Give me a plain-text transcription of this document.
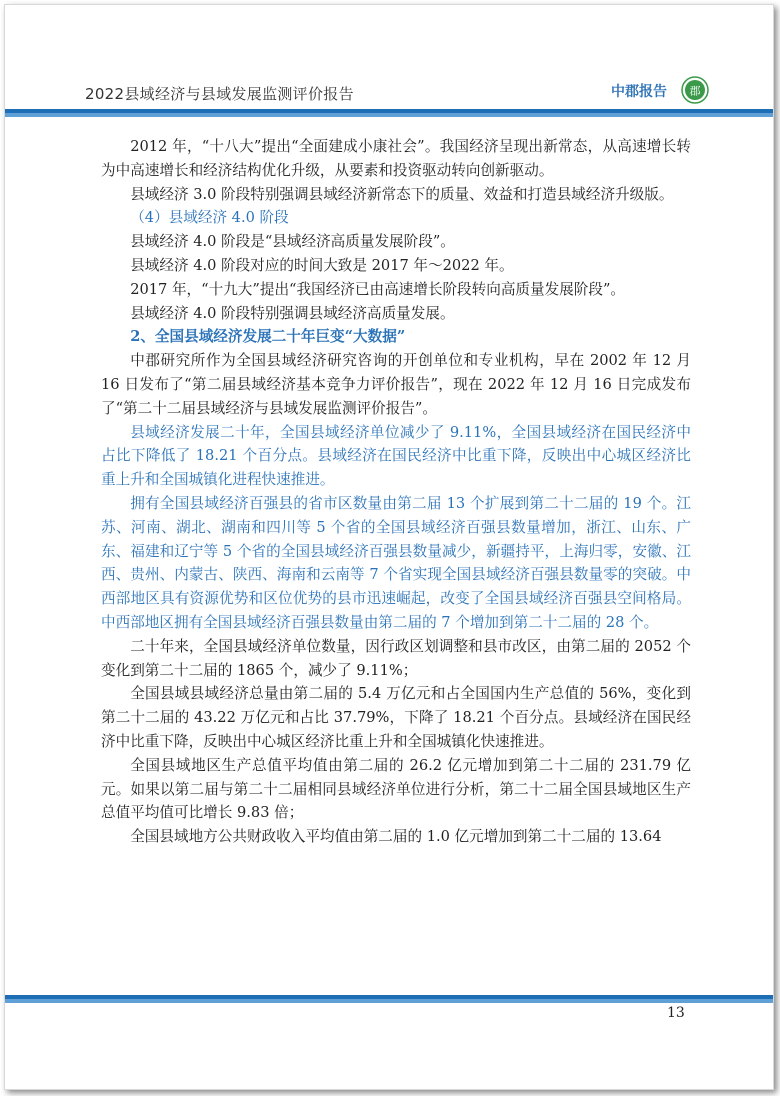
2022县域经济与县域发展监测评价报告	中郡报告 郡

2012 年，“十八大”提出“全面建成小康社会”。我国经济呈现出新常态，从高速增长转为中高速增长和经济结构优化升级，从要素和投资驱动转向创新驱动。

县域经济 3.0 阶段特别强调县域经济新常态下的质量、效益和打造县域经济升级版。

（4）县域经济 4.0 阶段

县域经济 4.0 阶段是“县域经济高质量发展阶段”。

县域经济 4.0 阶段对应的时间大致是 2017 年～2022 年。

2017 年，“十九大”提出“我国经济已由高速增长阶段转向高质量发展阶段”。

县域经济 4.0 阶段特别强调县域经济高质量发展。

2、全国县域经济发展二十年巨变“大数据”

中郡研究所作为全国县域经济研究咨询的开创单位和专业机构，早在 2002 年 12 月 16 日发布了“第二届县域经济基本竞争力评价报告”，现在 2022 年 12 月 16 日完成发布了“第二十二届县域经济与县域发展监测评价报告”。

县域经济发展二十年，全国县域经济单位减少了 9.11%，全国县域经济在国民经济中占比下降低了 18.21 个百分点。县域经济在国民经济中比重下降，反映出中心城区经济比重上升和全国城镇化进程快速推进。

拥有全国县域经济百强县的省市区数量由第二届 13 个扩展到第二十二届的 19 个。江苏、河南、湖北、湖南和四川等 5 个省的全国县域经济百强县数量增加，浙江、山东、广东、福建和辽宁等 5 个省的全国县域经济百强县数量减少，新疆持平，上海归零，安徽、江西、贵州、内蒙古、陕西、海南和云南等 7 个省实现全国县域经济百强县数量零的突破。中西部地区具有资源优势和区位优势的县市迅速崛起，改变了全国县域经济百强县空间格局。中西部地区拥有全国县域经济百强县数量由第二届的 7 个增加到第二十二届的 28 个。

二十年来，全国县域经济单位数量，因行政区划调整和县市改区，由第二届的 2052 个变化到第二十二届的 1865 个，减少了 9.11%；

全国县域县域经济总量由第二届的 5.4 万亿元和占全国国内生产总值的 56%，变化到第二十二届的 43.22 万亿元和占比 37.79%，下降了 18.21 个百分点。县域经济在国民经济中比重下降，反映出中心城区经济比重上升和全国城镇化快速推进。

全国县域地区生产总值平均值由第二届的 26.2 亿元增加到第二十二届的 231.79 亿元。如果以第二届与第二十二届相同县域经济单位进行分析，第二十二届全国县域地区生产总值平均值可比增长 9.83 倍；

全国县域地方公共财政收入平均值由第二届的 1.0 亿元增加到第二十二届的 13.64

13
